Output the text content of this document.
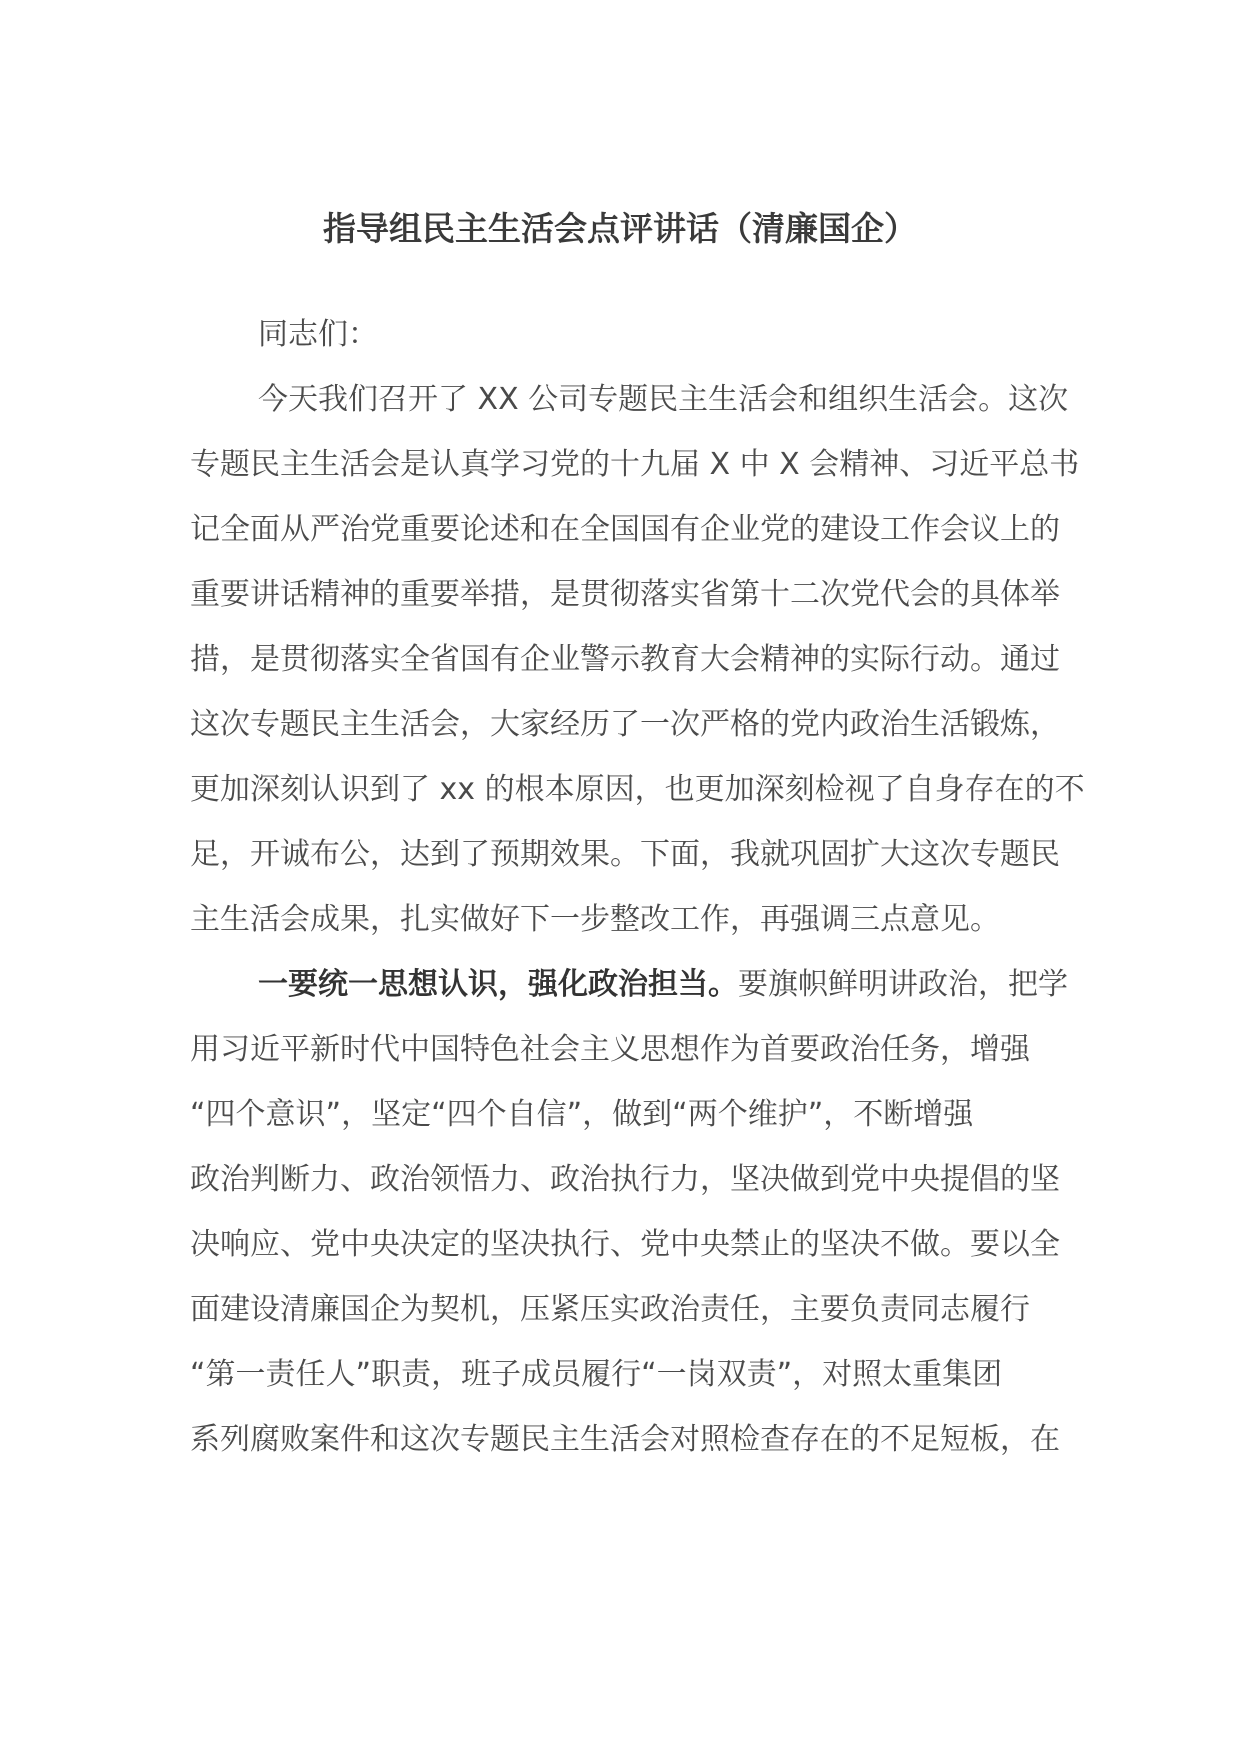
指导组民主生活会点评讲话（清廉国企）
同志们：
今天我们召开了 XX 公司专题民主生活会和组织生活会。这次
专题民主生活会是认真学习党的十九届 X 中 X 会精神、习近平总书
记全面从严治党重要论述和在全国国有企业党的建设工作会议上的
重要讲话精神的重要举措，是贯彻落实省第十二次党代会的具体举
措，是贯彻落实全省国有企业警示教育大会精神的实际行动。通过
这次专题民主生活会，大家经历了一次严格的党内政治生活锻炼，
更加深刻认识到了 xx 的根本原因，也更加深刻检视了自身存在的不
足，开诚布公，达到了预期效果。下面，我就巩固扩大这次专题民
主生活会成果，扎实做好下一步整改工作，再强调三点意见。
一要统一思想认识，强化政治担当。要旗帜鲜明讲政治，把学
用习近平新时代中国特色社会主义思想作为首要政治任务，增强
“四个意识”，坚定“四个自信”，做到“两个维护”，不断增强
政治判断力、政治领悟力、政治执行力，坚决做到党中央提倡的坚
决响应、党中央决定的坚决执行、党中央禁止的坚决不做。要以全
面建设清廉国企为契机，压紧压实政治责任，主要负责同志履行
“第一责任人”职责，班子成员履行“一岗双责”，对照太重集团
系列腐败案件和这次专题民主生活会对照检查存在的不足短板，在
